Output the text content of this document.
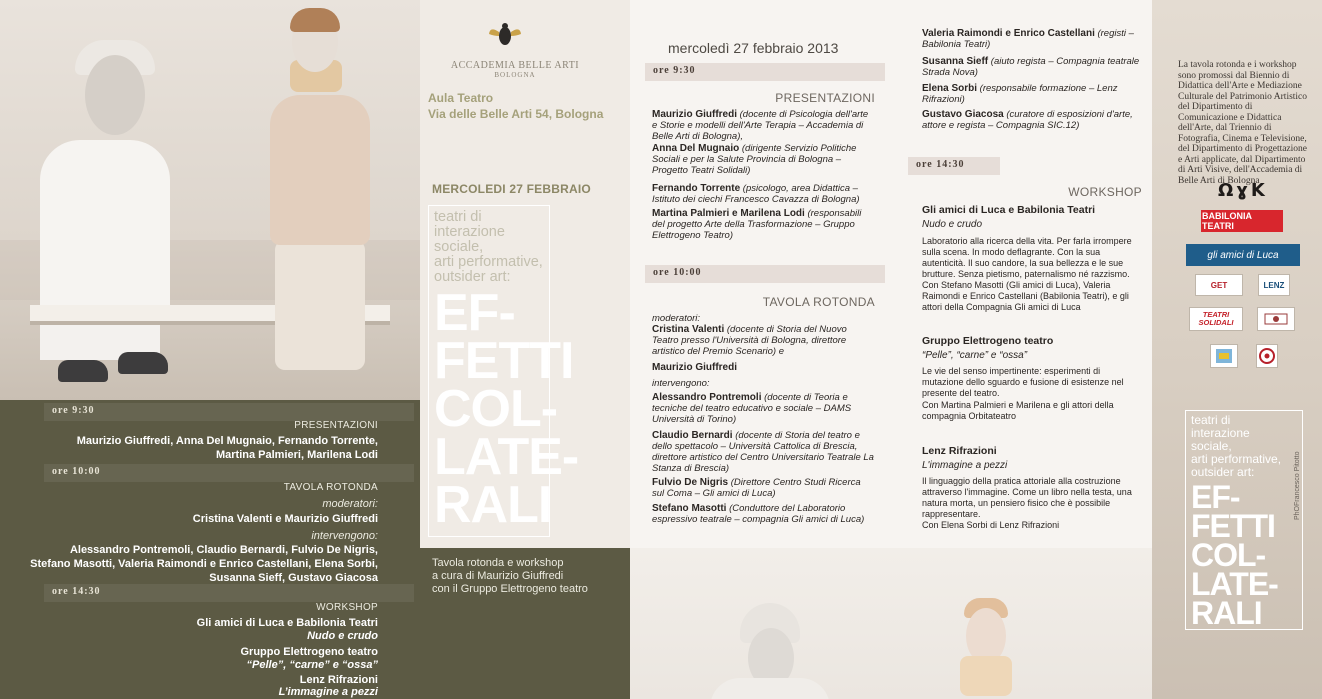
ore 9:30
PRESENTAZIONI
Maurizio Giuffredi, Anna Del Mugnaio, Fernando Torrente,
Martina Palmieri, Marilena Lodi
ore 10:00
TAVOLA ROTONDA
moderatori:
Cristina Valenti e Maurizio Giuffredi
intervengono:
Alessandro Pontremoli, Claudio Bernardi, Fulvio De Nigris,
Stefano Masotti, Valeria Raimondi e Enrico Castellani, Elena Sorbi,
Susanna Sieff, Gustavo Giacosa
ore 14:30
WORKSHOP
Gli amici di Luca e Babilonia Teatri
Nudo e crudo
Gruppo Elettrogeno teatro
“Pelle”, “carne” e “ossa”
Lenz Rifrazioni
L’immagine a pezzi
ACCADEMIA BELLE ARTI
BOLOGNA
Aula Teatro
Via delle Belle Arti 54, Bologna
MERCOLEDI 27 FEBBRAIO
teatri di
interazione
sociale,
arti performative,
outsider art:
EF-
FETTI
COL-
LATE-
RALI
Tavola rotonda e workshop
a cura di Maurizio Giuffredi
con il Gruppo Elettrogeno teatro
mercoledì 27 febbraio 2013
ore 9:30
PRESENTAZIONI
Maurizio Giuffredi (docente di Psicologia dell'arte e Storie e modelli dell'Arte Terapia – Accademia di Belle Arti di Bologna),
Anna Del Mugnaio (dirigente Servizio Politiche Sociali e per la Salute Provincia di Bologna – Progetto Teatri Solidali)
Fernando Torrente (psicologo, area Didattica – Istituto dei ciechi Francesco Cavazza di Bologna)
Martina Palmieri e Marilena Lodi (responsabili del progetto Arte della Trasformazione – Gruppo Elettrogeno Teatro)
ore 10:00
TAVOLA ROTONDA
moderatori:
Cristina Valenti (docente di Storia del Nuovo Teatro presso l'Università di Bologna, direttore artistico del Premio Scenario) e
Maurizio Giuffredi
intervengono:
Alessandro Pontremoli (docente di Teoria e tecniche del teatro educativo e sociale – DAMS Università di Torino)
Claudio Bernardi (docente di Storia del teatro e dello spettacolo – Università Cattolica di Brescia, direttore artistico del Centro Universitario Teatrale La Stanza di Brescia)
Fulvio De Nigris (Direttore Centro Studi Ricerca sul Coma – Gli amici di Luca)
Stefano Masotti (Conduttore del Laboratorio espressivo teatrale – compagnia Gli amici di Luca)
Valeria Raimondi e Enrico Castellani (registi – Babilonia Teatri)
Susanna Sieff (aiuto regista – Compagnia teatrale Strada Nova)
Elena Sorbi (responsabile formazione – Lenz Rifrazioni)
Gustavo Giacosa (curatore di esposizioni d'arte, attore e regista – Compagnia SIC.12)
ore 14:30
WORKSHOP
Gli amici di Luca e Babilonia Teatri
Nudo e crudo
Laboratorio alla ricerca della vita. Per farla irrompere sulla scena. In modo deflagrante. Con la sua autenticità. Il suo candore, la sua bellezza e le sue brutture. Senza pietismo, paternalismo né razzismo.
Con Stefano Masotti (Gli amici di Luca), Valeria Raimondi e Enrico Castellani (Babilonia Teatri), e gli attori della Compagnia Gli amici di Luca
Gruppo Elettrogeno teatro
“Pelle”, “carne” e “ossa”
Le vie del senso impertinente: esperimenti di mutazione dello sguardo e fusione di esistenze nel presente del teatro.
Con Martina Palmieri e Marilena e gli attori della compagnia Orbitateatro
Lenz Rifrazioni
L'immagine a pezzi
Il linguaggio della pratica attoriale alla costruzione attraverso l'immagine. Come un libro nella testa, una natura morta, un pensiero fisico che è possibile rappresentare.
Con Elena Sorbi di Lenz Rifrazioni
La tavola rotonda e i workshop sono promossi dal Biennio di Didattica dell'Arte e Mediazione Culturale del Patrimonio Artistico del Dipartimento di Comunicazione e Didattica dell'Arte, dal Triennio di Fotografia, Cinema e Televisione, del Dipartimento di Progettazione e Arti applicate, dal Dipartimento di Arti Visive, dell'Accademia di Belle Arti di Bologna
ΩɣK
BABILONIA TEATRI
gli amici di Luca
GET	LENZ
TEATRI SOLIDALI
teatri di
interazione
sociale,
arti performative,
outsider art:
EF-
FETTI
COL-
LATE-
RALI
PhOFrancesco Pitotto
